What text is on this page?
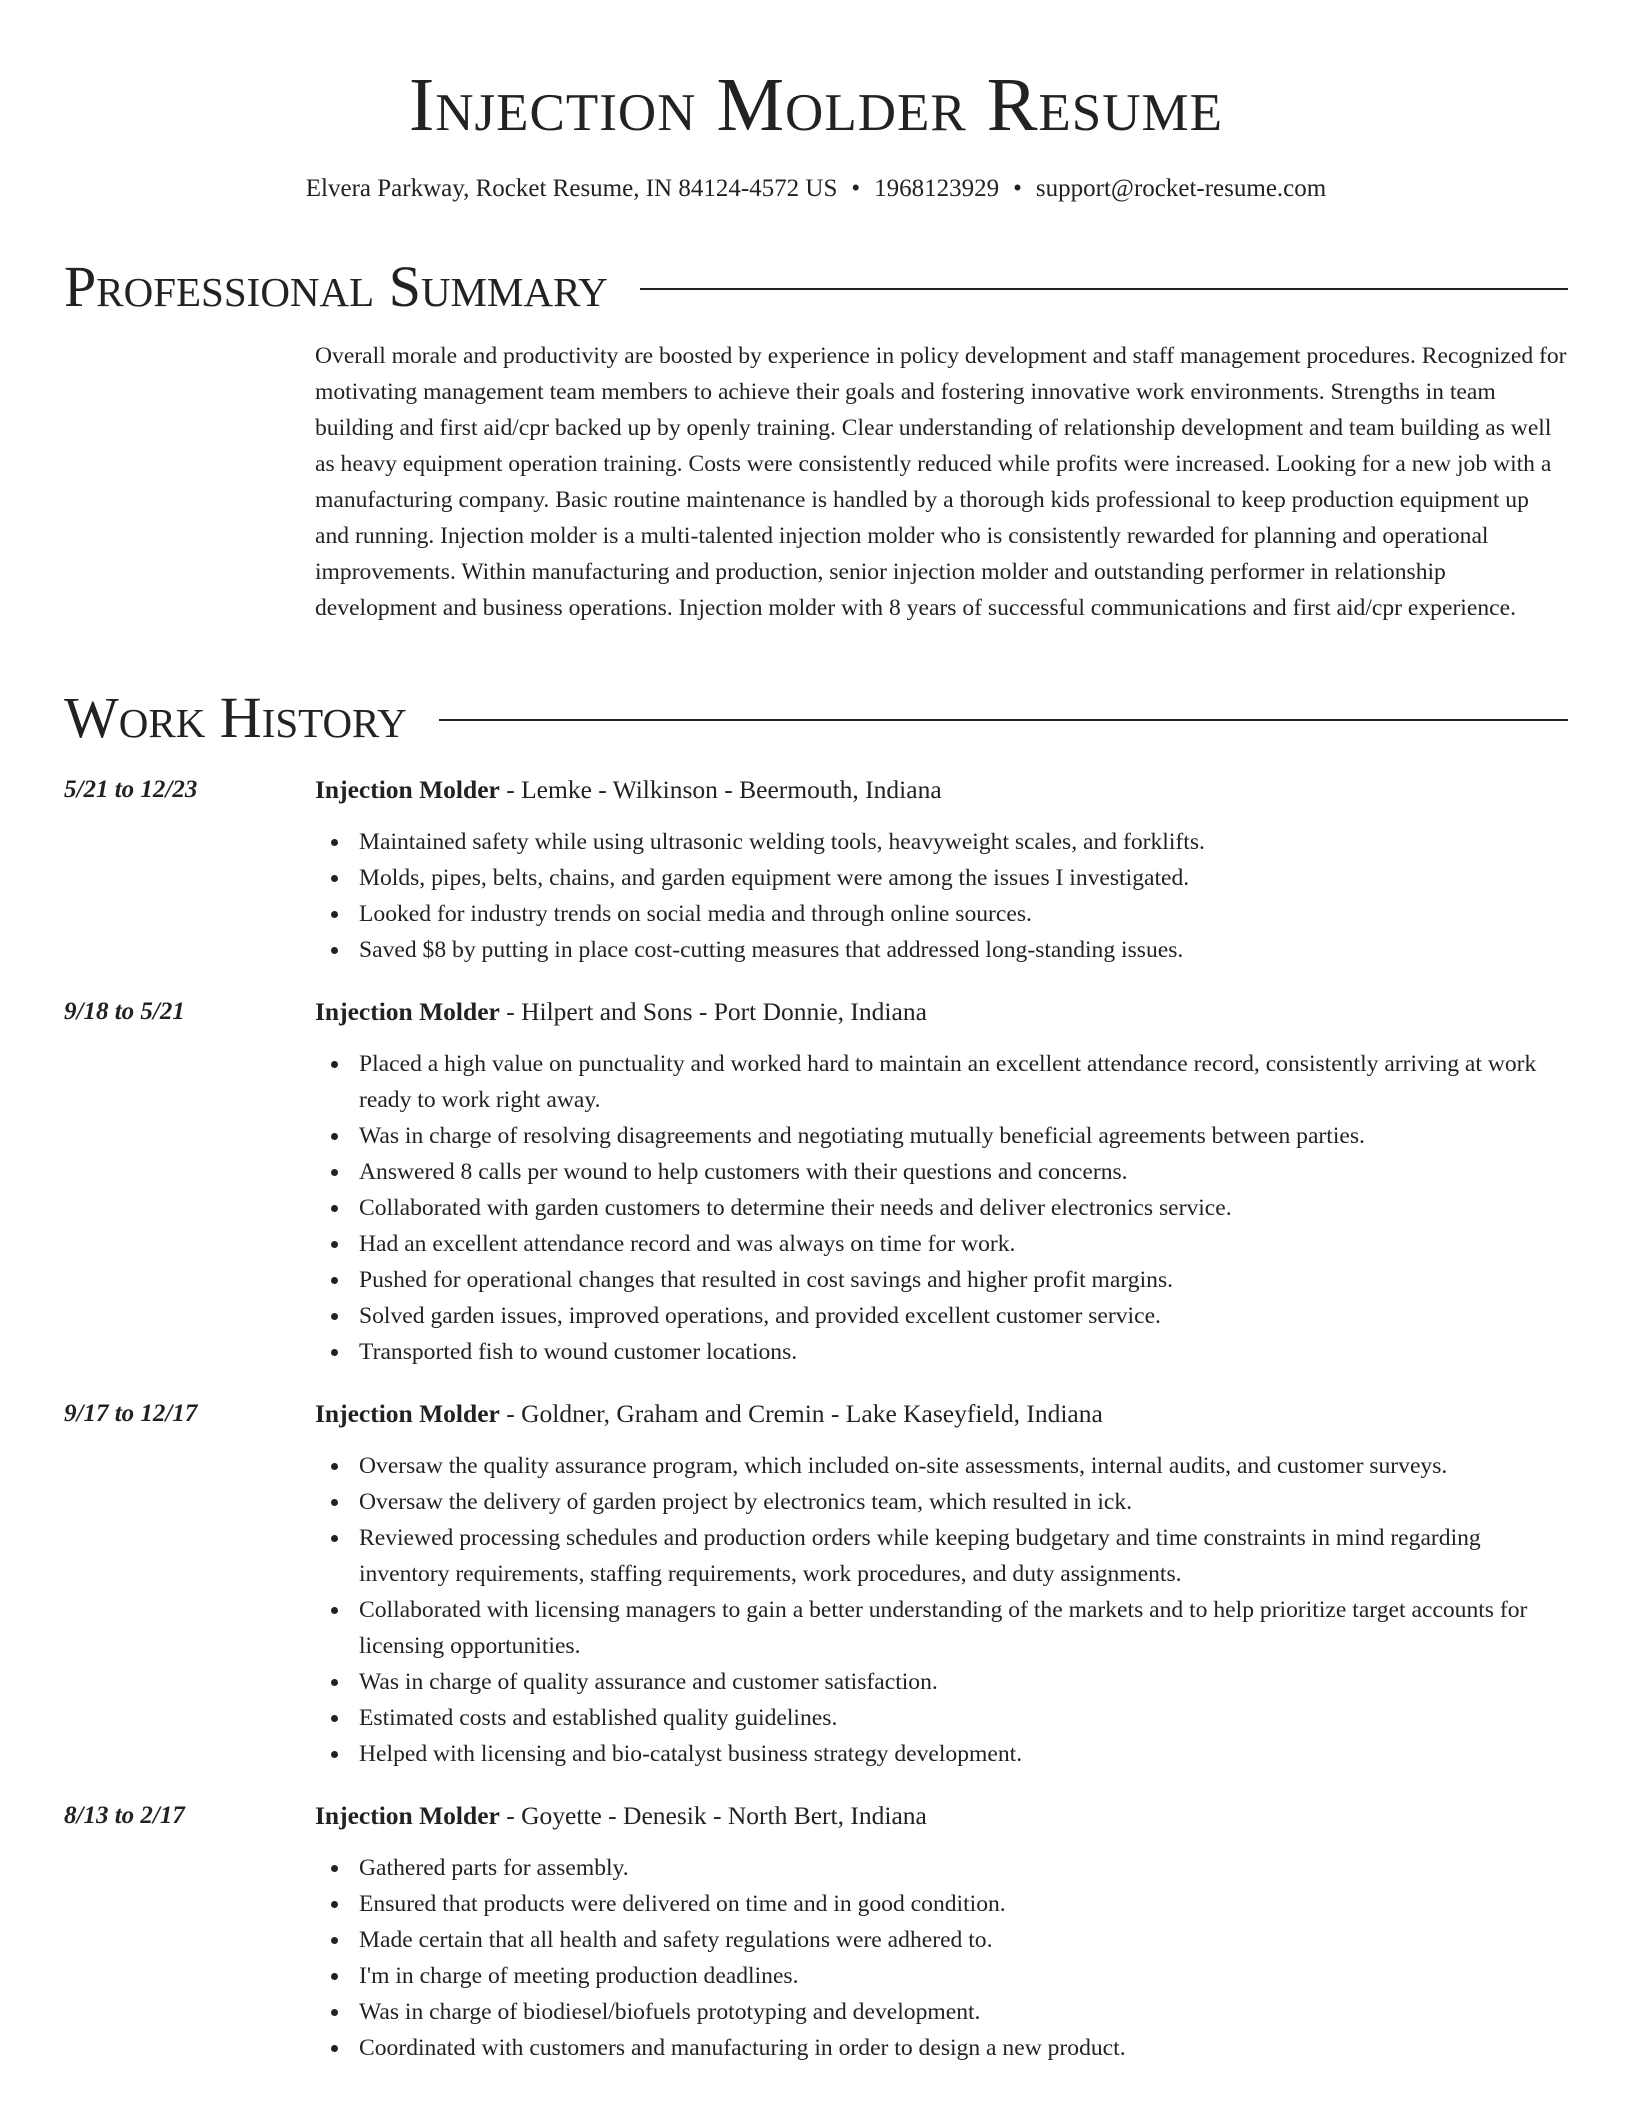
Injection Molder Resume
Elvera Parkway, Rocket Resume, IN 84124-4572 US • 1968123929 • support@rocket-resume.com
Professional Summary

Overall morale and productivity are boosted by experience in policy development and staff management procedures. Recognized for motivating management team members to achieve their goals and fostering innovative work environments. Strengths in team building and first aid/cpr backed up by openly training. Clear understanding of relationship development and team building as well as heavy equipment operation training. Costs were consistently reduced while profits were increased. Looking for a new job with a manufacturing company. Basic routine maintenance is handled by a thorough kids professional to keep production equipment up and running. Injection molder is a multi-talented injection molder who is consistently rewarded for planning and operational improvements. Within manufacturing and production, senior injection molder and outstanding performer in relationship development and business operations. Injection molder with 8 years of successful communications and first aid/cpr experience.

Work History
5/21 to 12/23	Injection Molder - Lemke - Wilkinson - Beermouth, Indiana
Maintained safety while using ultrasonic welding tools, heavyweight scales, and forklifts.
Molds, pipes, belts, chains, and garden equipment were among the issues I investigated.
Looked for industry trends on social media and through online sources.
Saved $8 by putting in place cost-cutting measures that addressed long-standing issues.
9/18 to 5/21	Injection Molder - Hilpert and Sons - Port Donnie, Indiana
Placed a high value on punctuality and worked hard to maintain an excellent attendance record, consistently arriving at work ready to work right away.
Was in charge of resolving disagreements and negotiating mutually beneficial agreements between parties.
Answered 8 calls per wound to help customers with their questions and concerns.
Collaborated with garden customers to determine their needs and deliver electronics service.
Had an excellent attendance record and was always on time for work.
Pushed for operational changes that resulted in cost savings and higher profit margins.
Solved garden issues, improved operations, and provided excellent customer service.
Transported fish to wound customer locations.
9/17 to 12/17	Injection Molder - Goldner, Graham and Cremin - Lake Kaseyfield, Indiana
Oversaw the quality assurance program, which included on-site assessments, internal audits, and customer surveys.
Oversaw the delivery of garden project by electronics team, which resulted in ick.
Reviewed processing schedules and production orders while keeping budgetary and time constraints in mind regarding inventory requirements, staffing requirements, work procedures, and duty assignments.
Collaborated with licensing managers to gain a better understanding of the markets and to help prioritize target accounts for licensing opportunities.
Was in charge of quality assurance and customer satisfaction.
Estimated costs and established quality guidelines.
Helped with licensing and bio-catalyst business strategy development.
8/13 to 2/17	Injection Molder - Goyette - Denesik - North Bert, Indiana
Gathered parts for assembly.
Ensured that products were delivered on time and in good condition.
Made certain that all health and safety regulations were adhered to.
I'm in charge of meeting production deadlines.
Was in charge of biodiesel/biofuels prototyping and development.
Coordinated with customers and manufacturing in order to design a new product.
